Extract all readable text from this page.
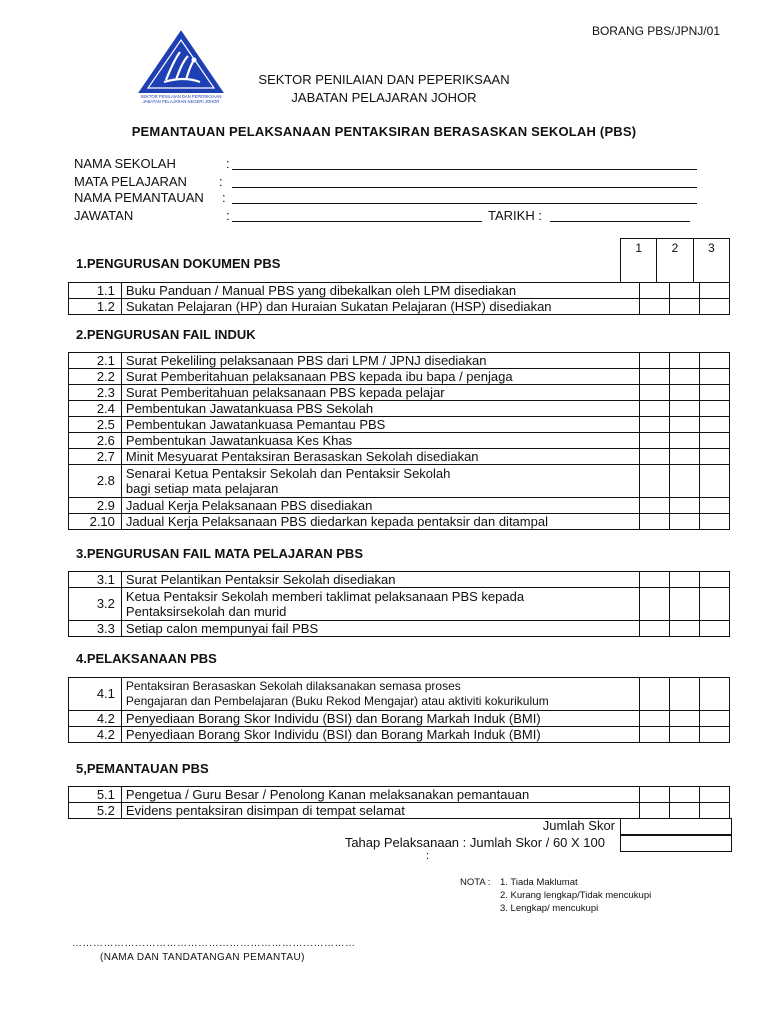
BORANG PBS/JPNJ/01
SEKTOR PENILAIAN DAN PEPERIKSAAN
JABATAN PELAJARAN NEGERI JOHOR
SEKTOR PENILAIAN DAN PEPERIKSAAN
JABATAN PELAJARAN JOHOR
PEMANTAUAN PELAKSANAAN PENTAKSIRAN BERASASKAN SEKOLAH (PBS)
NAMA SEKOLAH	:
MATA PELAJARAN :
NAMA PEMANTAUAN :
JAWATAN	:	TARIKH :
1	2	3
1.PENGURUSAN DOKUMEN PBS
1.1	Buku Panduan / Manual PBS yang dibekalkan oleh LPM disediakan			
1.2	Sukatan Pelajaran (HP) dan Huraian Sukatan Pelajaran (HSP) disediakan			
2.PENGURUSAN FAIL INDUK
2.1	Surat Pekeliling pelaksanaan PBS dari LPM / JPNJ disediakan			
2.2	Surat Pemberitahuan pelaksanaan PBS kepada ibu bapa / penjaga			
2.3	Surat Pemberitahuan pelaksanaan PBS kepada pelajar			
2.4	Pembentukan Jawatankuasa PBS Sekolah			
2.5	Pembentukan Jawatankuasa Pemantau PBS			
2.6	Pembentukan Jawatankuasa Kes Khas			
2.7	Minit Mesyuarat Pentaksiran Berasaskan Sekolah disediakan			
2.8	Senarai Ketua Pentaksir Sekolah dan Pentaksir Sekolah
bagi setiap mata pelajaran			

2.9	Jadual Kerja Pelaksanaan PBS disediakan			
2.10	Jadual Kerja Pelaksanaan PBS diedarkan kepada pentaksir dan ditampal			
3.PENGURUSAN FAIL MATA PELAJARAN PBS
3.1	Surat Pelantikan Pentaksir Sekolah disediakan			
3.2	Ketua Pentaksir Sekolah memberi taklimat pelaksanaan PBS kepada
Pentaksirsekolah dan murid			

3.3	Setiap calon mempunyai fail PBS			
4.PELAKSANAAN PBS
4.1	Pentaksiran Berasaskan Sekolah dilaksanakan semasa proses
Pengajaran dan Pembelajaran (Buku Rekod Mengajar) atau aktiviti kokurikulum			

4.2	Penyediaan Borang Skor Individu (BSI) dan Borang Markah Induk (BMI)			
4.2	Penyediaan Borang Skor Individu (BSI) dan Borang Markah Induk (BMI)			
5,PEMANTAUAN PBS
5.1	Pengetua / Guru Besar / Penolong Kanan melaksanakan pemantauan			
5.2	Evidens pentaksiran disimpan di tempat selamat			
Jumlah Skor
Tahap Pelaksanaan : Jumlah Skor / 60 X 100
:
NOTA : 1. Tiada Maklumat
2. Kurang lengkap/Tidak mencukupi
3. Lengkap/ mencukupi
………………………………………………………………………
(NAMA DAN TANDATANGAN PEMANTAU)
